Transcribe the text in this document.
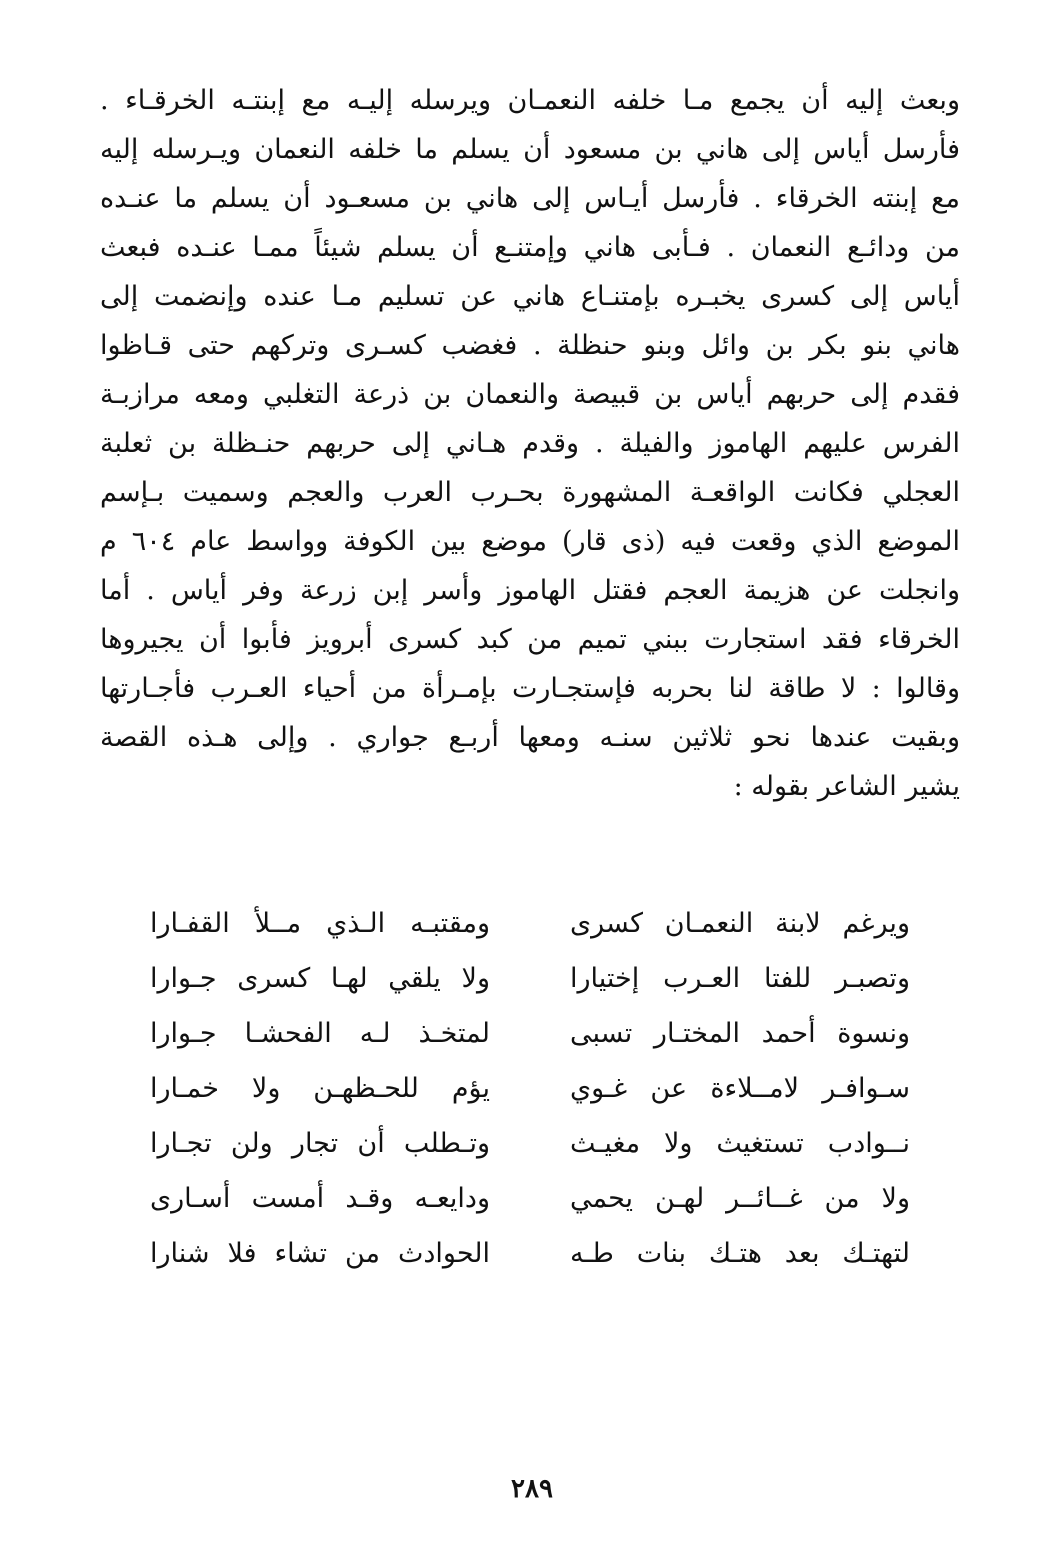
وبعث إليه أن يجمع مـا خلفه النعمـان ويرسله إليـه مع إبنتـه الخرقـاء .
فأرسل أياس إلى هاني بن مسعود أن يسلم ما خلفه النعمان ويـرسله إليه
مع إبنته الخرقاء . فأرسل أيـاس إلى هاني بن مسعـود أن يسلم ما عنـده
من ودائـع النعمان . فـأبى هاني وإمتنـع أن يسلم شيئاً ممـا عنـده فبعث
أياس إلى كسرى يخبـره بإمتنـاع هاني عن تسليم مـا عنده وإنضمت إلى
هاني بنو بكر بن وائل وبنو حنظلة . فغضب كسـرى وتركهم حتى قـاظوا
فقدم إلى حربهم أياس بن قبيصة والنعمان بن ذرعة التغلبي ومعه مرازبـة
الفرس عليهم الهاموز والفيلة . وقدم هـاني إلى حربهم حنـظلة بن ثعلبة
العجلي فكانت الواقعـة المشهورة بحـرب العرب والعجم وسميت بـإسم
الموضع الذي وقعت فيه (ذى قار) موضع بين الكوفة وواسط عام ٦٠٤ م
وانجلت عن هزيمة العجم فقتل الهاموز وأسر إبن زرعة وفر أياس . أما
الخرقاء فقد استجارت ببني تميم من كبد كسرى أبرويز فأبوا أن يجيروها
وقالوا : لا طاقة لنا بحربه فإستجـارت بإمـرأة من أحياء العـرب فأجـارتها
وبقيت عندها نحو ثلاثين سنـه ومعها أربـع جواري . وإلى هـذه القصة
يشير الشاعر بقوله :
ويرغم لابنة النعمـان كسرى
ومقتبـه الـذي مــلأ القفـارا
وتصبـر للفتا العـرب إختيارا
ولا يلقي لهـا كسرى جـوارا
ونسوة أحمد المختـار تسبى
لمتخـذ لـه الفحشـا جـوارا
سـوافـر لامــلاءة عن غـوي
يؤم للحـظهـن ولا خمـارا
نــوادب تستغيث ولا مغيـث
وتـطلب أن تجار ولن تجـارا
ولا من غــائــر لهـن يحمي
ودايعـه وقـد أمست أسـارى
لتهتـك بعد هتـك بنات طـه
الحوادث من تشاء فلا شنارا
٢٨٩
